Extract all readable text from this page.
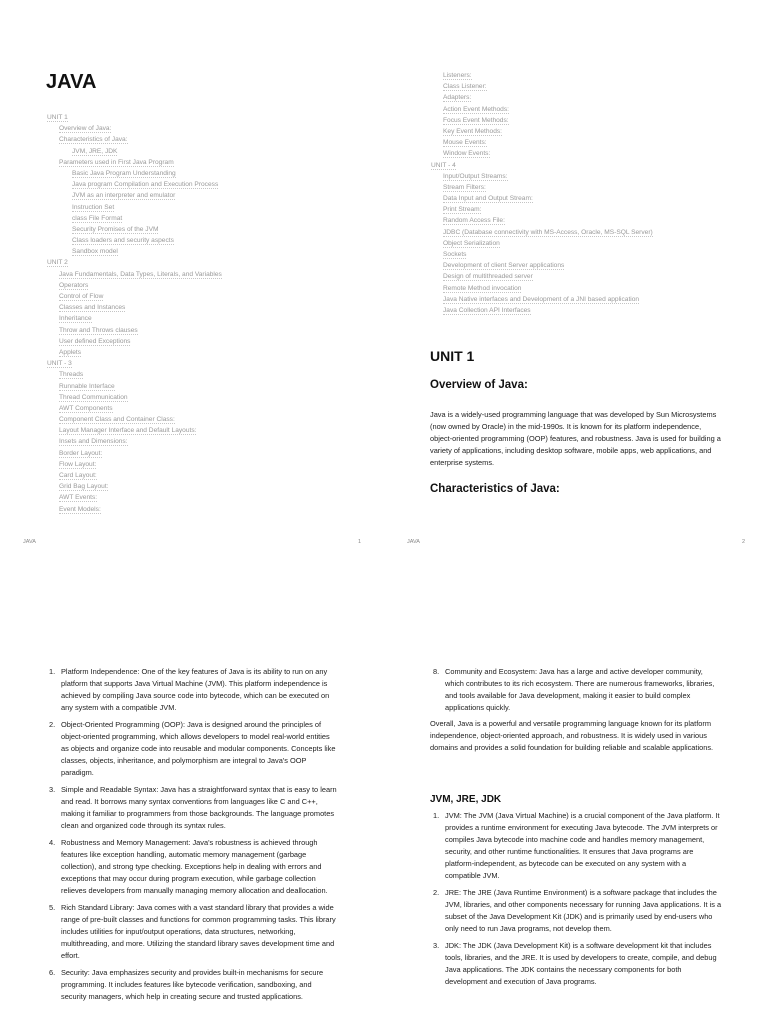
JAVA
UNIT 1
Overview of Java:
Characteristics of Java:
JVM, JRE, JDK
Parameters used in First Java Program
Basic Java Program Understanding
Java program Compilation and Execution Process
JVM as an interpreter and emulator
Instruction Set
class File Format
Security Promises of the JVM
Class loaders and security aspects
Sandbox model
UNIT 2
Java Fundamentals, Data Types, Literals, and Variables
Operators
Control of Flow
Classes and Instances
Inheritance
Throw and Throws clauses
User defined Exceptions
Applets
UNIT - 3
Threads
Runnable Interface
Thread Communication
AWT Components
Component Class and Container Class:
Layout Manager Interface and Default Layouts:
Insets and Dimensions:
Border Layout:
Flow Layout:
Card Layout:
Grid Bag Layout:
AWT Events:
Event Models:
JAVA	1
Listeners:
Class Listener:
Adapters:
Action Event Methods:
Focus Event Methods:
Key Event Methods:
Mouse Events:
Window Events:
UNIT - 4
Input/Output Streams:
Stream Filters:
Data Input and Output Stream:
Print Stream:
Random Access File:
JDBC (Database connectivity with MS-Access, Oracle, MS-SQL Server)
Object Serialization
Sockets
Development of client Server applications
Design of multithreaded server
Remote Method invocation
Java Native interfaces and Development of a JNI based application
Java Collection API Interfaces
UNIT 1
Overview of Java:

Java is a widely-used programming language that was developed by Sun Microsystems (now owned by Oracle) in the mid-1990s. It is known for its platform independence, object-oriented programming (OOP) features, and robustness. Java is used for building a variety of applications, including desktop software, mobile apps, web applications, and enterprise systems.

Characteristics of Java:
JAVA	2
1. Platform Independence: One of the key features of Java is its ability to run on any platform that supports Java Virtual Machine (JVM). This platform independence is achieved by compiling Java source code into bytecode, which can be executed on any system with a compatible JVM.
2. Object-Oriented Programming (OOP): Java is designed around the principles of object-oriented programming, which allows developers to model real-world entities as objects and organize code into reusable and modular components. Concepts like classes, objects, inheritance, and polymorphism are integral to Java's OOP paradigm.
3. Simple and Readable Syntax: Java has a straightforward syntax that is easy to learn and read. It borrows many syntax conventions from languages like C and C++, making it familiar to programmers from those backgrounds. The language promotes clean and organized code through its syntax rules.
4. Robustness and Memory Management: Java's robustness is achieved through features like exception handling, automatic memory management (garbage collection), and strong type checking. Exceptions help in dealing with errors and exceptions that may occur during program execution, while garbage collection relieves developers from manually managing memory allocation and deallocation.
5. Rich Standard Library: Java comes with a vast standard library that provides a wide range of pre-built classes and functions for common programming tasks. This library includes utilities for input/output operations, data structures, networking, multithreading, and more. Utilizing the standard library saves development time and effort.
6. Security: Java emphasizes security and provides built-in mechanisms for secure programming. It includes features like bytecode verification, sandboxing, and security managers, which help in creating secure and trusted applications.
8. Community and Ecosystem: Java has a large and active developer community, which contributes to its rich ecosystem. There are numerous frameworks, libraries, and tools available for Java development, making it easier to build complex applications quickly.

Overall, Java is a powerful and versatile programming language known for its platform independence, object-oriented approach, and robustness. It is widely used in various domains and provides a solid foundation for building reliable and scalable applications.

JVM, JRE, JDK
1. JVM: The JVM (Java Virtual Machine) is a crucial component of the Java platform. It provides a runtime environment for executing Java bytecode. The JVM interprets or compiles Java bytecode into machine code and handles memory management, security, and other runtime functionalities. It ensures that Java programs are platform-independent, as bytecode can be executed on any system with a compatible JVM.
2. JRE: The JRE (Java Runtime Environment) is a software package that includes the JVM, libraries, and other components necessary for running Java applications. It is a subset of the Java Development Kit (JDK) and is primarily used by end-users who only need to run Java programs, not develop them.
3. JDK: The JDK (Java Development Kit) is a software development kit that includes tools, libraries, and the JRE. It is used by developers to create, compile, and debug Java applications. The JDK contains the necessary components for both development and execution of Java programs.
